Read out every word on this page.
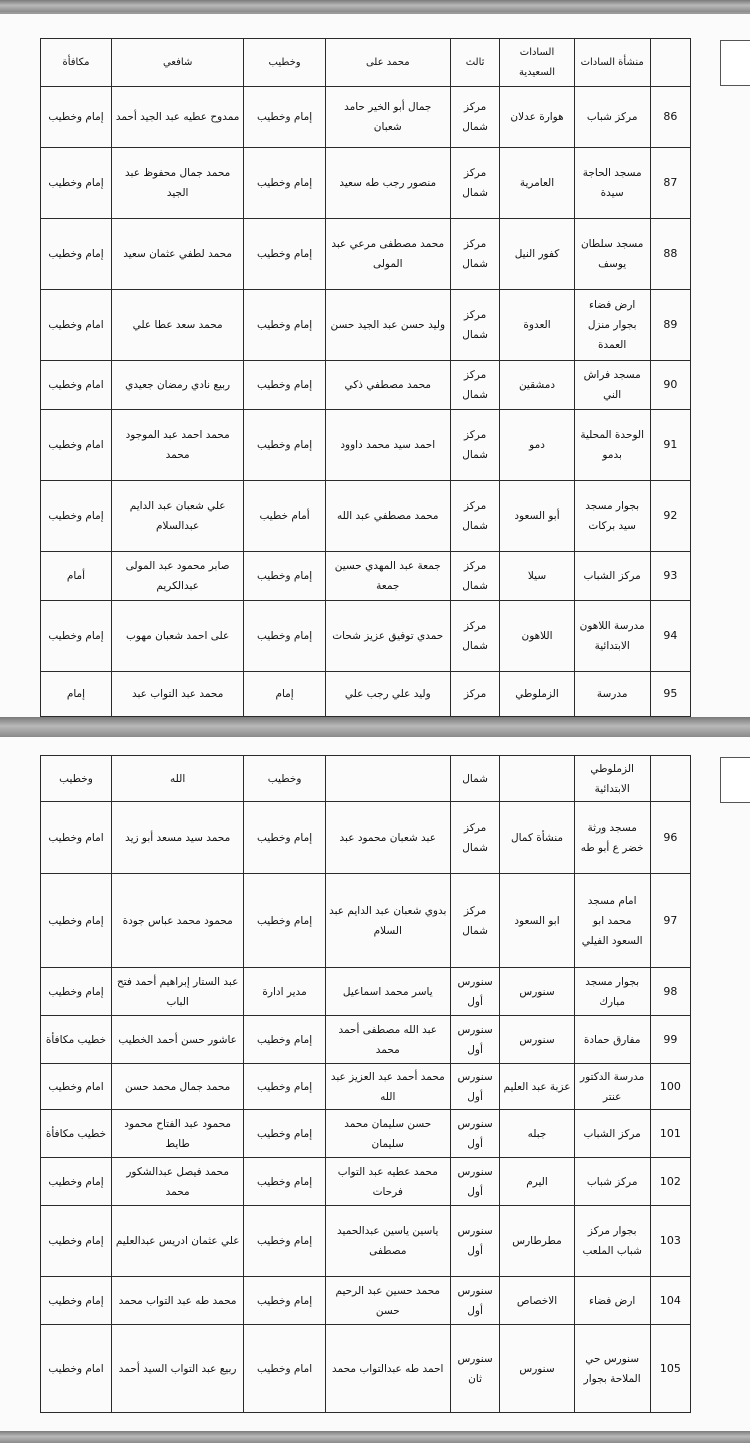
	منشأة السادات	السادات السعيدية	ثالث	محمد على	وخطيب	شافعي	مكافأة
86	مركز شباب	هوارة عدلان	مركز شمال	جمال أبو الخير حامد شعبان	إمام وخطيب	ممدوح عطيه عبد الجيد أحمد	إمام وخطيب
87	مسجد الحاجة سيدة	العامرية	مركز شمال	منصور رجب طه سعيد	إمام وخطيب	محمد جمال محفوظ عبد الجيد	إمام وخطيب
88	مسجد سلطان يوسف	كفور النيل	مركز شمال	محمد مصطفى مرعي عبد المولى	إمام وخطيب	محمد لطفي عثمان سعيد	إمام وخطيب
89	ارض فضاء بجوار منزل العمدة	العدوة	مركز شمال	وليد حسن عبد الجيد حسن	إمام وخطيب	محمد سعد عطا علي	امام وخطيب
90	مسجد فراش الني	دمشقين	مركز شمال	محمد مصطفي ذكي	إمام وخطيب	ربيع نادي رمضان جعيدي	امام وخطيب
91	الوحدة المحلية بدمو	دمو	مركز شمال	احمد سيد محمد داوود	إمام وخطيب	محمد احمد عبد الموجود محمد	امام وخطيب
92	بجوار مسجد سيد بركات	أبو السعود	مركز شمال	محمد مصطفي عبد الله	أمام خطيب	علي شعبان عبد الدايم عبدالسلام	إمام وخطيب
93	مركز الشباب	سيلا	مركز شمال	جمعة عبد المهدي حسين جمعة	إمام وخطيب	صابر محمود عبد المولى عبدالكريم	أمام
94	مدرسة اللاهون الابتدائية	اللاهون	مركز شمال	حمدي توفيق عزيز شحات	إمام وخطيب	على احمد شعبان مهوب	إمام وخطيب
95	مدرسة	الزملوطي	مركز	وليد علي رجب علي	إمام	محمد عبد التواب عبد	إمام
	الزملوطي الابتدائية		شمال		وخطيب	الله	وخطيب
96	مسجد ورثة خضر ع أبو طه	منشأة كمال	مركز شمال	عبد شعبان محمود عبد	إمام وخطيب	محمد سيد مسعد أبو زيد	امام وخطيب
97	امام مسجد محمد ابو السعود الفيلي	ابو السعود	مركز شمال	بدوي شعبان عبد الدايم عبد السلام	إمام وخطيب	محمود محمد عباس جودة	إمام وخطيب
98	بجوار مسجد مبارك	سنورس	سنورس أول	ياسر محمد اسماعيل	مدير ادارة	عبد الستار إبراهيم أحمد فتح الباب	إمام وخطيب
99	مفارق حمادة	سنورس	سنورس أول	عبد الله مصطفى أحمد محمد	إمام وخطيب	عاشور حسن أحمد الخطيب	خطيب مكافأة
100	مدرسة الدكتور عنتر	عزبة عبد العليم	سنورس أول	محمد أحمد عبد العزيز عبد الله	إمام وخطيب	محمد جمال محمد حسن	امام وخطيب
101	مركز الشباب	جبله	سنورس أول	حسن سليمان محمد سليمان	إمام وخطيب	محمود عبد الفتاح محمود طايط	خطيب مكافأة
102	مركز شباب	اليرم	سنورس أول	محمد عطيه عبد التواب فرحات	إمام وخطيب	محمد فيصل عبدالشكور محمد	إمام وخطيب
103	بجوار مركز شباب الملعب	مطرطارس	سنورس أول	ياسين ياسين عبدالحميد مصطفى	إمام وخطيب	علي عثمان ادريس عبدالعليم	إمام وخطيب
104	ارض فضاء	الاخصاص	سنورس أول	محمد حسين عبد الرحيم حسن	إمام وخطيب	محمد طه عبد التواب محمد	إمام وخطيب
105	سنورس حي الملاحة بجوار	سنورس	سنورس ثان	احمد طه عبدالتواب محمد	امام وخطيب	ربيع عبد التواب السيد أحمد	امام وخطيب
